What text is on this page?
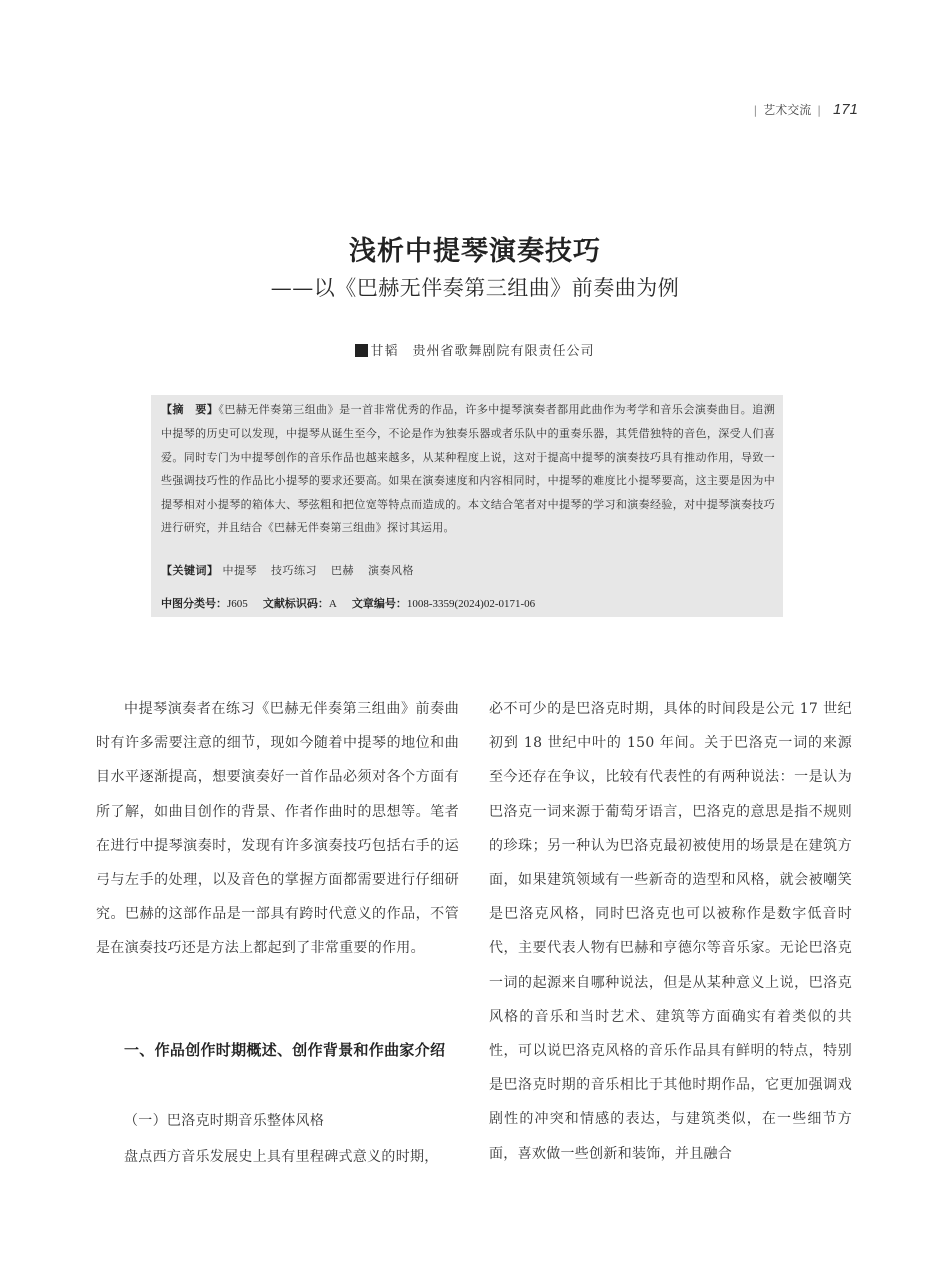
| 艺术交流 | 171
浅析中提琴演奏技巧
——以《巴赫无伴奏第三组曲》前奏曲为例
甘韬 贵州省歌舞剧院有限责任公司

【摘　要】《巴赫无伴奏第三组曲》是一首非常优秀的作品，许多中提琴演奏者都用此曲作为考学和音乐会演奏曲目。追溯中提琴的历史可以发现，中提琴从诞生至今，不论是作为独奏乐器或者乐队中的重奏乐器，其凭借独特的音色，深受人们喜爱。同时专门为中提琴创作的音乐作品也越来越多，从某种程度上说，这对于提高中提琴的演奏技巧具有推动作用，导致一些强调技巧性的作品比小提琴的要求还要高。如果在演奏速度和内容相同时，中提琴的难度比小提琴要高，这主要是因为中提琴相对小提琴的箱体大、琴弦粗和把位宽等特点而造成的。本文结合笔者对中提琴的学习和演奏经验，对中提琴演奏技巧进行研究，并且结合《巴赫无伴奏第三组曲》探讨其运用。

【关键词】 中提琴 技巧练习 巴赫 演奏风格
中图分类号：J605 文献标识码：A 文章编号：1008-3359(2024)02-0171-06

中提琴演奏者在练习《巴赫无伴奏第三组曲》前奏曲时有许多需要注意的细节，现如今随着中提琴的地位和曲目水平逐渐提高，想要演奏好一首作品必须对各个方面有所了解，如曲目创作的背景、作者作曲时的思想等。笔者在进行中提琴演奏时，发现有许多演奏技巧包括右手的运弓与左手的处理，以及音色的掌握方面都需要进行仔细研究。巴赫的这部作品是一部具有跨时代意义的作品，不管是在演奏技巧还是方法上都起到了非常重要的作用。

一、作品创作时期概述、创作背景和作曲家介绍
（一）巴洛克时期音乐整体风格

盘点西方音乐发展史上具有里程碑式意义的时期，

必不可少的是巴洛克时期，具体的时间段是公元 17 世纪初到 18 世纪中叶的 150 年间。关于巴洛克一词的来源至今还存在争议，比较有代表性的有两种说法：一是认为巴洛克一词来源于葡萄牙语言，巴洛克的意思是指不规则的珍珠；另一种认为巴洛克最初被使用的场景是在建筑方面，如果建筑领域有一些新奇的造型和风格，就会被嘲笑是巴洛克风格，同时巴洛克也可以被称作是数字低音时代，主要代表人物有巴赫和亨德尔等音乐家。无论巴洛克一词的起源来自哪种说法，但是从某种意义上说，巴洛克风格的音乐和当时艺术、建筑等方面确实有着类似的共性，可以说巴洛克风格的音乐作品具有鲜明的特点，特别是巴洛克时期的音乐相比于其他时期作品，它更加强调戏剧性的冲突和情感的表达，与建筑类似，在一些细节方面，喜欢做一些创新和装饰，并且融合
